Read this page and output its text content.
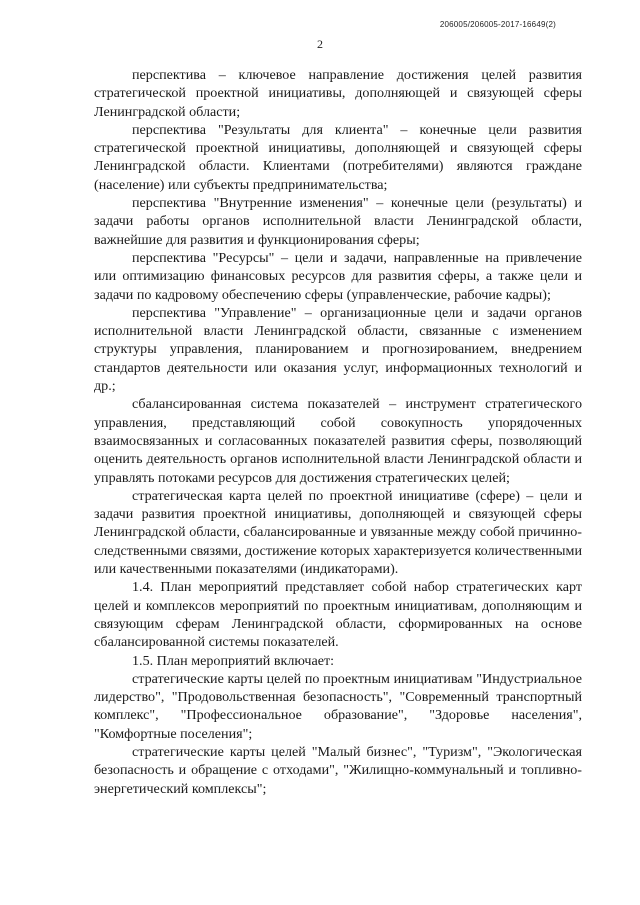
206005/206005-2017-16649(2)
2

перспектива – ключевое направление достижения целей развития стратегической проектной инициативы, дополняющей и связующей сферы Ленинградской области;

перспектива "Результаты для клиента" – конечные цели развития стратегической проектной инициативы, дополняющей и связующей сферы Ленинградской области. Клиентами (потребителями) являются граждане (население) или субъекты предпринимательства;

перспектива "Внутренние изменения" – конечные цели (результаты) и задачи работы органов исполнительной власти Ленинградской области, важнейшие для развития и функционирования сферы;

перспектива "Ресурсы" – цели и задачи, направленные на привлечение или оптимизацию финансовых ресурсов для развития сферы, а также цели и задачи по кадровому обеспечению сферы (управленческие, рабочие кадры);

перспектива "Управление" – организационные цели и задачи органов исполнительной власти Ленинградской области, связанные с изменением структуры управления, планированием и прогнозированием, внедрением стандартов деятельности или оказания услуг, информационных технологий и др.;

сбалансированная система показателей – инструмент стратегического управления, представляющий собой совокупность упорядоченных взаимосвязанных и согласованных показателей развития сферы, позволяющий оценить деятельность органов исполнительной власти Ленинградской области и управлять потоками ресурсов для достижения стратегических целей;

стратегическая карта целей по проектной инициативе (сфере) – цели и задачи развития проектной инициативы, дополняющей и связующей сферы Ленинградской области, сбалансированные и увязанные между собой причинно-следственными связями, достижение которых характеризуется количественными или качественными показателями (индикаторами).

1.4. План мероприятий представляет собой набор стратегических карт целей и комплексов мероприятий по проектным инициативам, дополняющим и связующим сферам Ленинградской области, сформированных на основе сбалансированной системы показателей.

1.5. План мероприятий включает:

стратегические карты целей по проектным инициативам "Индустриальное лидерство", "Продовольственная безопасность", "Современный транспортный комплекс", "Профессиональное образование", "Здоровье населения", "Комфортные поселения";

стратегические карты целей "Малый бизнес", "Туризм", "Экологическая безопасность и обращение с отходами", "Жилищно-коммунальный и топливно-энергетический комплексы";
